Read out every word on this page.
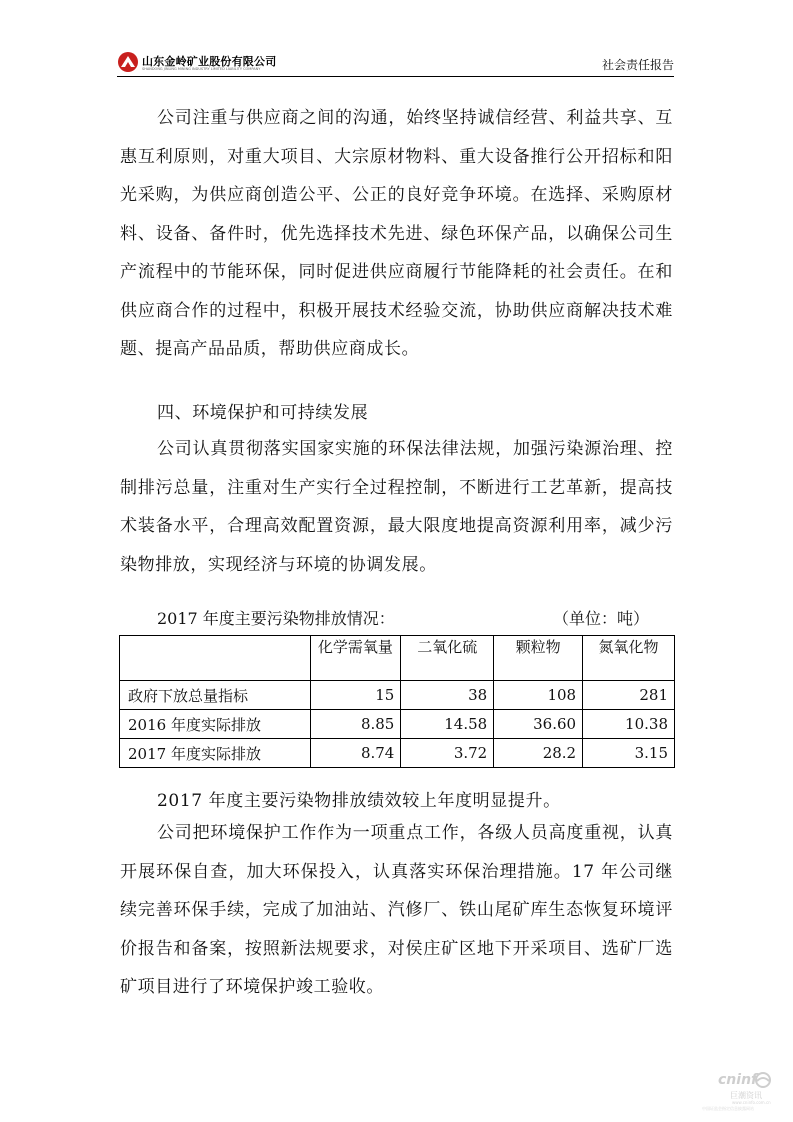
山东金岭矿业股份有限公司
SHANDONG JINLING MINING INDUSTRY LIMITED LIABILITY COMPANY	社会责任报告

公司注重与供应商之间的沟通，始终坚持诚信经营、利益共享、互惠互利原则，对重大项目、大宗原材物料、重大设备推行公开招标和阳光采购，为供应商创造公平、公正的良好竞争环境。在选择、采购原材料、设备、备件时，优先选择技术先进、绿色环保产品，以确保公司生产流程中的节能环保，同时促进供应商履行节能降耗的社会责任。在和供应商合作的过程中，积极开展技术经验交流，协助供应商解决技术难题、提高产品品质，帮助供应商成长。

四、环境保护和可持续发展

公司认真贯彻落实国家实施的环保法律法规，加强污染源治理、控制排污总量，注重对生产实行全过程控制，不断进行工艺革新，提高技术装备水平，合理高效配置资源，最大限度地提高资源利用率，减少污染物排放，实现经济与环境的协调发展。

2017 年度主要污染物排放情况：	（单位：吨）
	化学需氧量	二氧化硫	颗粒物	氮氧化物
政府下放总量指标	15	38	108	281
2016 年度实际排放	8.85	14.58	36.60	10.38
2017 年度实际排放	8.74	3.72	28.2	3.15

2017 年度主要污染物排放绩效较上年度明显提升。

公司把环境保护工作作为一项重点工作，各级人员高度重视，认真开展环保自查，加大环保投入，认真落实环保治理措施。17 年公司继续完善环保手续，完成了加油站、汽修厂、铁山尾矿库生态恢复环境评价报告和备案，按照新法规要求，对侯庄矿区地下开采项目、选矿厂选矿项目进行了环境保护竣工验收。

cninf
巨潮资讯
www.cninfo.com.cn
中国证监会指定信息披露网站
